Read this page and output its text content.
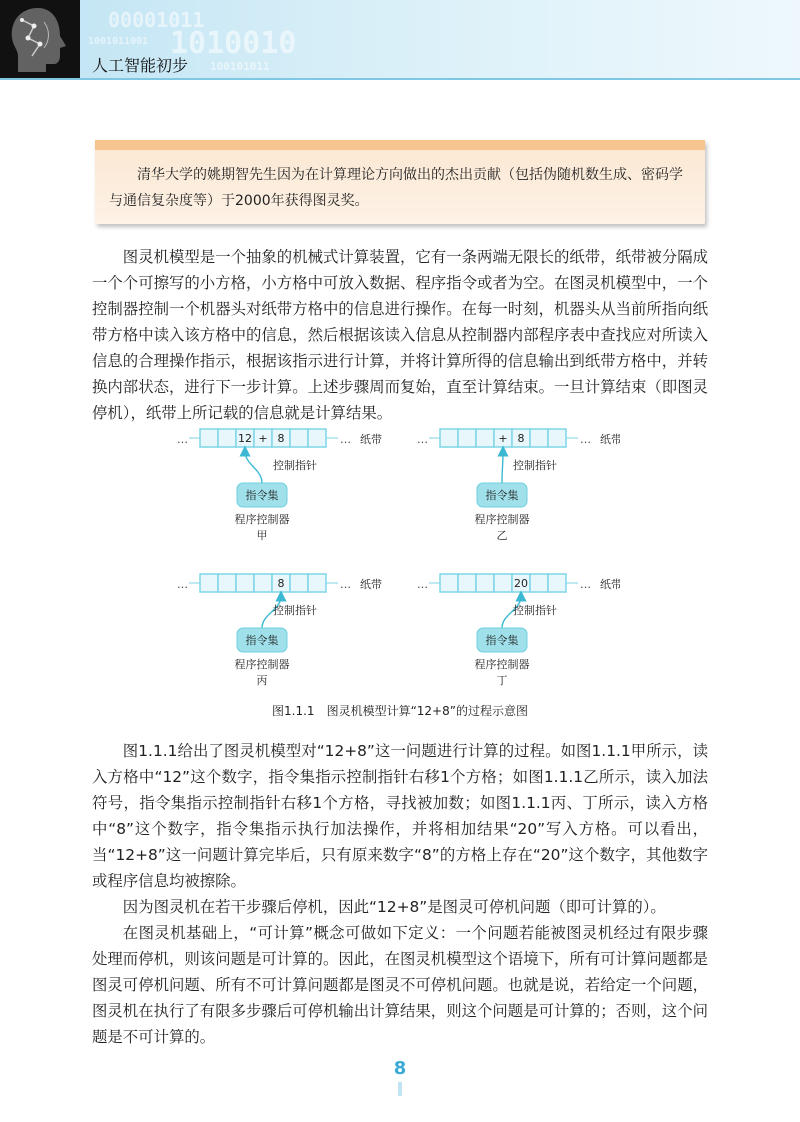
00001011
1001011001 1010010
100101011
人工智能初步
清华大学的姚期智先生因为在计算理论方向做出的杰出贡献（包括伪随机数生成、密码学与通信复杂度等）于2000年获得图灵奖。
图灵机模型是一个抽象的机械式计算装置，它有一条两端无限长的纸带，纸带被分隔成一个个可擦写的小方格，小方格中可放入数据、程序指令或者为空。在图灵机模型中，一个控制器控制一个机器头对纸带方格中的信息进行操作。在每一时刻，机器头从当前所指向纸带方格中读入该方格中的信息，然后根据该读入信息从控制器内部程序表中查找应对所读入信息的合理操作指示，根据该指示进行计算，并将计算所得的信息输出到纸带方格中，并转换内部状态，进行下一步计算。上述步骤周而复始，直至计算结束。一旦计算结束（即图灵停机），纸带上所记载的信息就是计算结果。
…	12 + 8	… 纸带
控制指针
指令集
程序控制器
甲
…	+ 8	… 纸带
控制指针
指令集
程序控制器
乙
…	8	… 纸带
控制指针
指令集
程序控制器
丙
…	20	… 纸带
控制指针
指令集
程序控制器
丁
图1.1.1　图灵机模型计算“12+8”的过程示意图
图1.1.1给出了图灵机模型对“12+8”这一问题进行计算的过程。如图1.1.1甲所示，读入方格中“12”这个数字，指令集指示控制指针右移1个方格；如图1.1.1乙所示，读入加法符号，指令集指示控制指针右移1个方格，寻找被加数；如图1.1.1丙、丁所示，读入方格中“8”这个数字，指令集指示执行加法操作，并将相加结果“20”写入方格。可以看出，当“12+8”这一问题计算完毕后，只有原来数字“8”的方格上存在“20”这个数字，其他数字或程序信息均被擦除。
因为图灵机在若干步骤后停机，因此“12+8”是图灵可停机问题（即可计算的）。
在图灵机基础上，“可计算”概念可做如下定义：一个问题若能被图灵机经过有限步骤处理而停机，则该问题是可计算的。因此，在图灵机模型这个语境下，所有可计算问题都是图灵可停机问题、所有不可计算问题都是图灵不可停机问题。也就是说，若给定一个问题，图灵机在执行了有限多步骤后可停机输出计算结果，则这个问题是可计算的；否则，这个问题是不可计算的。
8
